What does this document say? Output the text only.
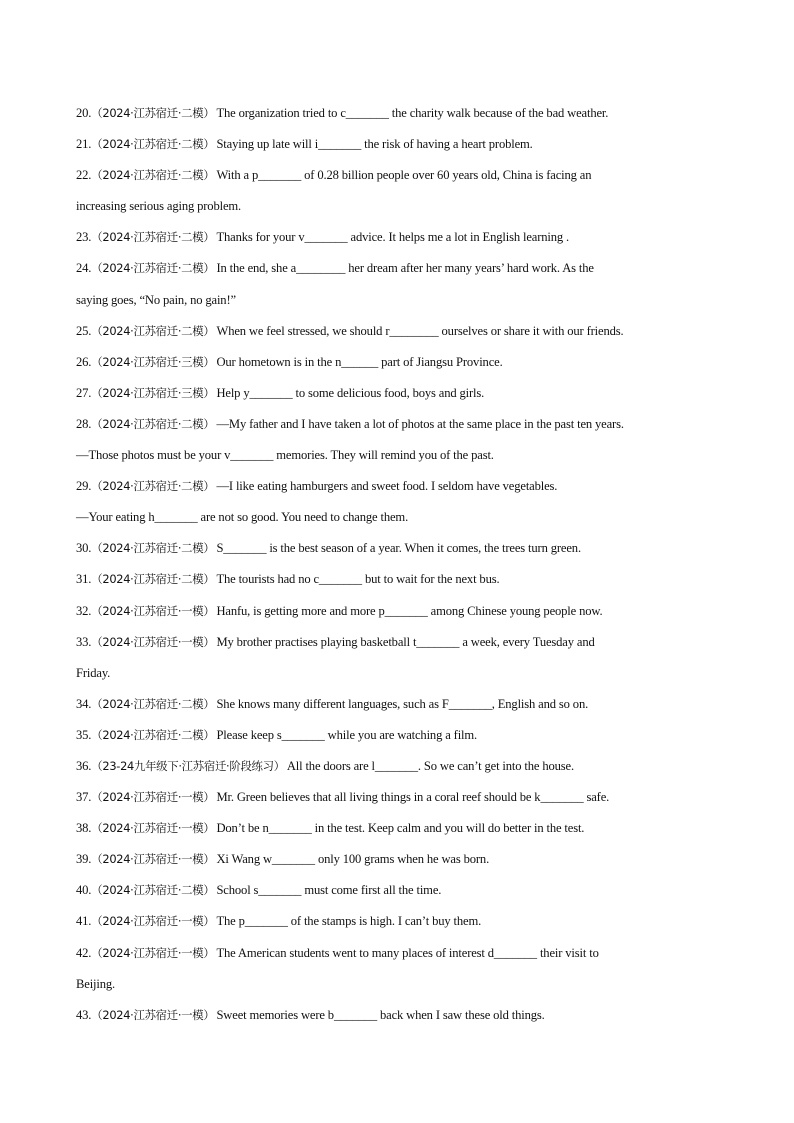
20.（2024·江苏宿迁·二模） The organization tried to c_______ the charity walk because of the bad weather.
21.（2024·江苏宿迁·二模） Staying up late will i_______ the risk of having a heart problem.
22.（2024·江苏宿迁·二模） With a p_______ of 0.28 billion people over 60 years old, China is facing an
increasing serious aging problem.
23.（2024·江苏宿迁·二模） Thanks for your v_______ advice. It helps me a lot in English learning .
24.（2024·江苏宿迁·二模） In the end, she a________ her dream after her many years’ hard work. As the
saying goes, “No pain, no gain!”
25.（2024·江苏宿迁·二模） When we feel stressed, we should r________ ourselves or share it with our friends.
26.（2024·江苏宿迁·三模） Our hometown is in the n______ part of Jiangsu Province.
27.（2024·江苏宿迁·三模） Help y_______ to some delicious food, boys and girls.
28.（2024·江苏宿迁·二模） —My father and I have taken a lot of photos at the same place in the past ten years.
—Those photos must be your v_______ memories. They will remind you of the past.
29.（2024·江苏宿迁·二模） —I like eating hamburgers and sweet food. I seldom have vegetables.
—Your eating h_______ are not so good. You need to change them.
30.（2024·江苏宿迁·二模） S_______ is the best season of a year. When it comes, the trees turn green.
31.（2024·江苏宿迁·二模） The tourists had no c_______ but to wait for the next bus.
32.（2024·江苏宿迁·一模） Hanfu, is getting more and more p_______ among Chinese young people now.
33.（2024·江苏宿迁·一模） My brother practises playing basketball t_______ a week, every Tuesday and
Friday.
34.（2024·江苏宿迁·二模） She knows many different languages, such as F_______, English and so on.
35.（2024·江苏宿迁·二模） Please keep s_______ while you are watching a film.
36.（23-24九年级下·江苏宿迁·阶段练习） All the doors are l_______. So we can’t get into the house.
37.（2024·江苏宿迁·一模） Mr. Green believes that all living things in a coral reef should be k_______ safe.
38.（2024·江苏宿迁·一模） Don’t be n_______ in the test. Keep calm and you will do better in the test.
39.（2024·江苏宿迁·一模） Xi Wang w_______ only 100 grams when he was born.
40.（2024·江苏宿迁·二模） School s_______ must come first all the time.
41.（2024·江苏宿迁·一模） The p_______ of the stamps is high. I can’t buy them.
42.（2024·江苏宿迁·一模） The American students went to many places of interest d_______ their visit to
Beijing.
43.（2024·江苏宿迁·一模） Sweet memories were b_______ back when I saw these old things.
